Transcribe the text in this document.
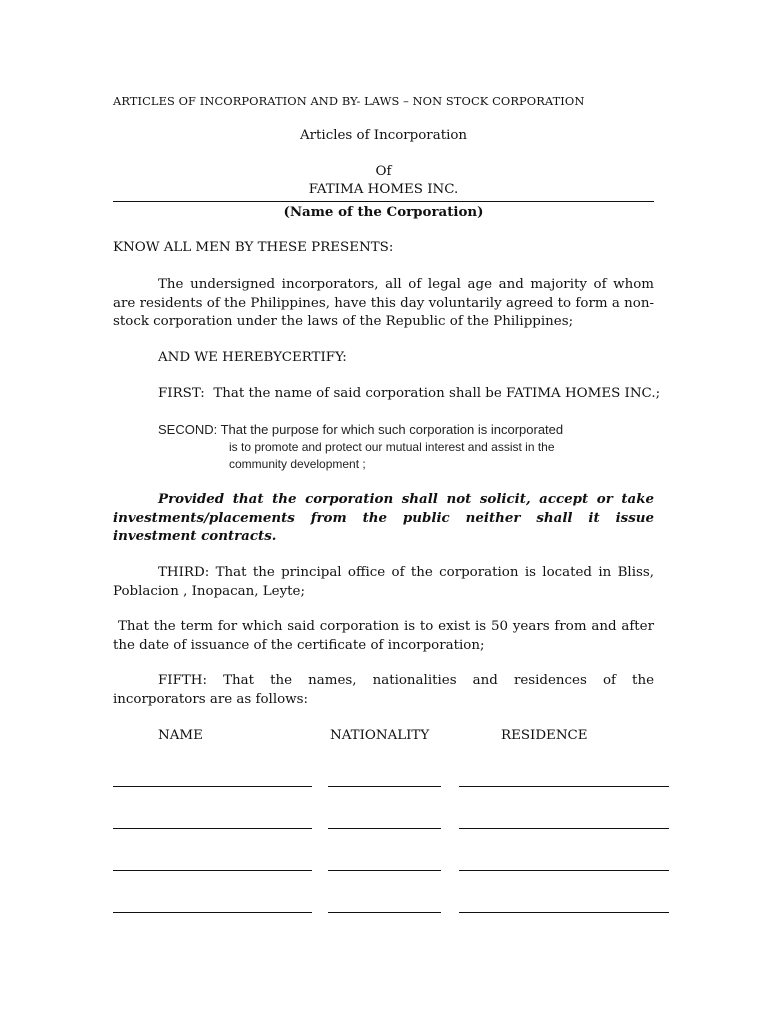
ARTICLES OF INCORPORATION AND BY- LAWS – NON STOCK CORPORATION

Articles of Incorporation

Of

FATIMA HOMES INC.

(Name of the Corporation)

KNOW ALL MEN BY THESE PRESENTS:

The undersigned incorporators, all of legal age and majority of whom are residents of the Philippines, have this day voluntarily agreed to form a non-stock corporation under the laws of the Republic of the Philippines;

AND WE HEREBYCERTIFY:

FIRST:  That the name of said corporation shall be FATIMA HOMES INC.;

SECOND: That the purpose for which such corporation is incorporated

is to promote and protect our mutual interest and assist in the

community development ;

Provided that the corporation shall not solicit, accept or take investments/placements from the public neither shall it issue investment contracts.

THIRD: That the principal office of the corporation is located in Bliss, Poblacion , Inopacan, Leyte;

That the term for which said corporation is to exist is 50 years from and after the date of issuance of the certificate of incorporation;

FIFTH: That the names, nationalities and residences of the incorporators are as follows:

NAME	NATIONALITY	RESIDENCE
